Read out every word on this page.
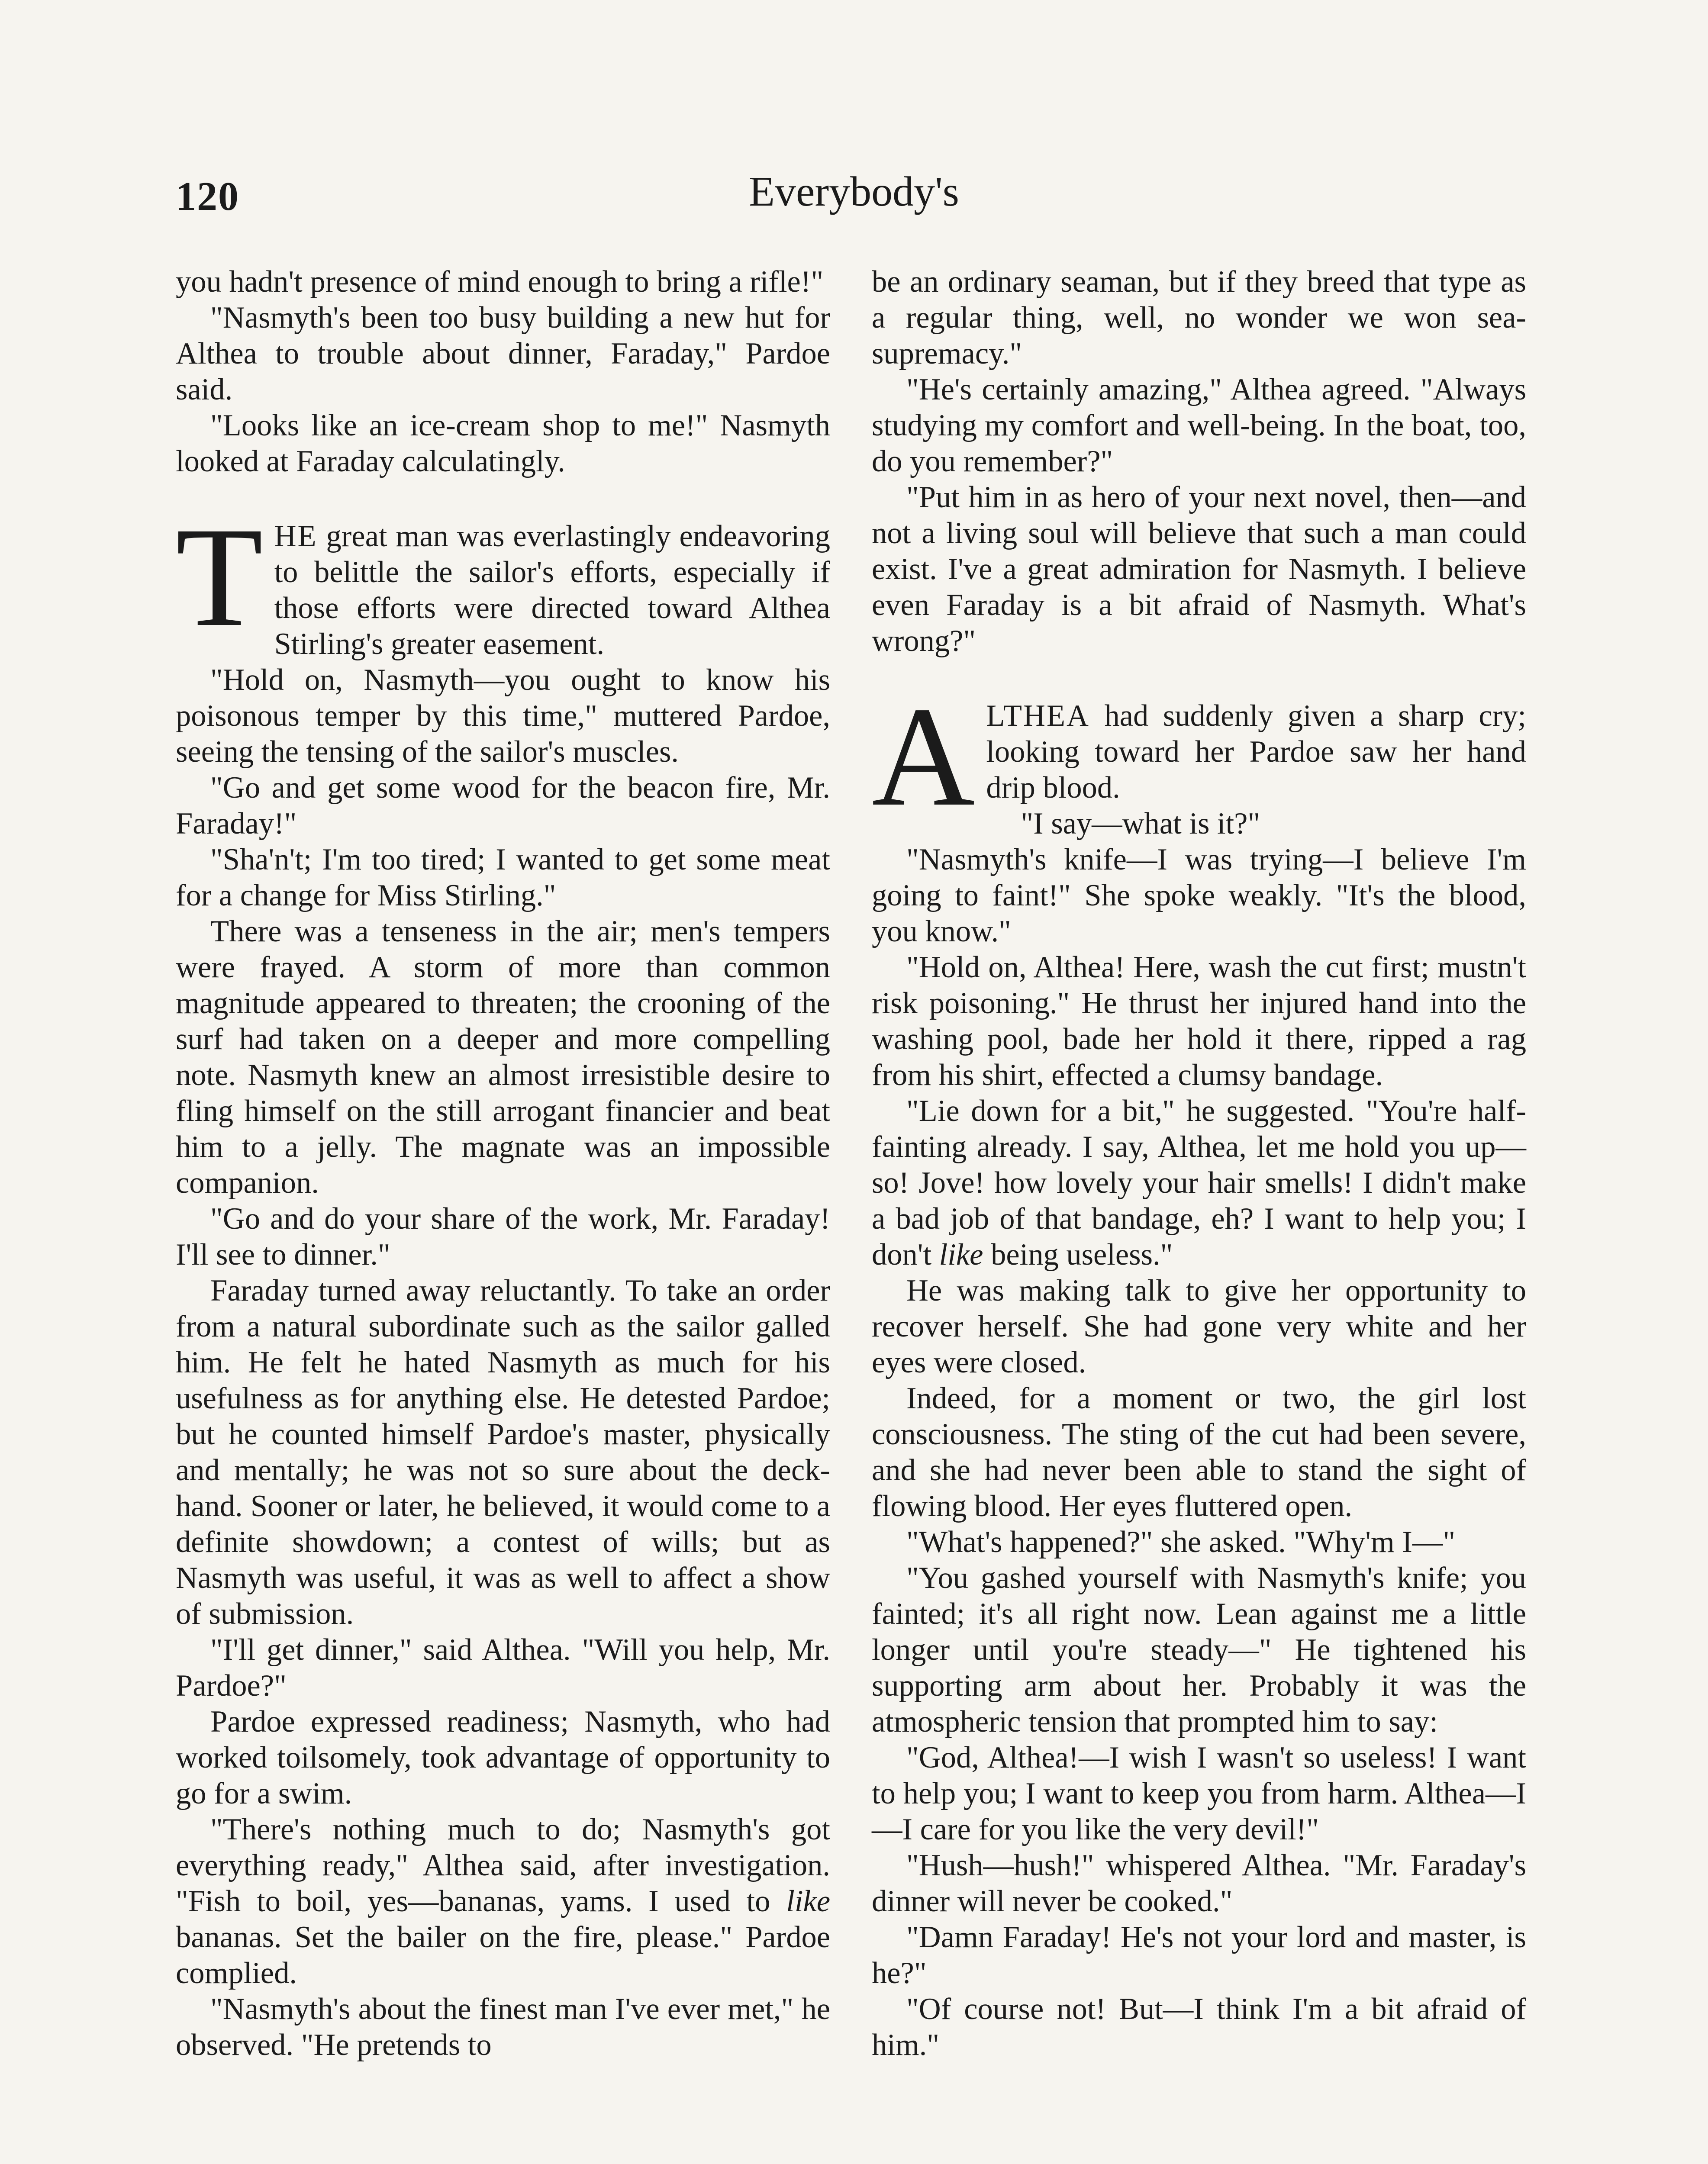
120	Everybody's

you hadn't presence of mind enough to bring a rifle!"

"Nasmyth's been too busy building a new hut for Althea to trouble about dinner, Faraday," Pardoe said.

"Looks like an ice-cream shop to me!" Nasmyth looked at Faraday calculatingly.

THE great man was everlastingly endeavoring to belittle the sailor's efforts, especially if those efforts were directed toward Althea Stirling's greater easement.

"Hold on, Nasmyth—you ought to know his poisonous temper by this time," muttered Pardoe, seeing the tensing of the sailor's muscles.

"Go and get some wood for the beacon fire, Mr. Faraday!"

"Sha'n't; I'm too tired; I wanted to get some meat for a change for Miss Stirling."

There was a tenseness in the air; men's tempers were frayed. A storm of more than common magnitude appeared to threaten; the crooning of the surf had taken on a deeper and more compelling note. Nasmyth knew an almost irresistible desire to fling himself on the still arrogant financier and beat him to a jelly. The magnate was an impossible companion.

"Go and do your share of the work, Mr. Faraday! I'll see to dinner."

Faraday turned away reluctantly. To take an order from a natural subordinate such as the sailor galled him. He felt he hated Nasmyth as much for his usefulness as for anything else. He detested Pardoe; but he counted himself Pardoe's master, physically and mentally; he was not so sure about the deck-hand. Sooner or later, he believed, it would come to a definite showdown; a contest of wills; but as Nasmyth was useful, it was as well to affect a show of submission.

"I'll get dinner," said Althea. "Will you help, Mr. Pardoe?"

Pardoe expressed readiness; Nasmyth, who had worked toilsomely, took advantage of opportunity to go for a swim.

"There's nothing much to do; Nasmyth's got everything ready," Althea said, after investigation. "Fish to boil, yes—bananas, yams. I used to like bananas. Set the bailer on the fire, please." Pardoe complied.

"Nasmyth's about the finest man I've ever met," he observed. "He pretends to

be an ordinary seaman, but if they breed that type as a regular thing, well, no wonder we won sea-supremacy."

"He's certainly amazing," Althea agreed. "Always studying my comfort and well-being. In the boat, too, do you remember?"

"Put him in as hero of your next novel, then—and not a living soul will believe that such a man could exist. I've a great admiration for Nasmyth. I believe even Faraday is a bit afraid of Nasmyth. What's wrong?"

ALTHEA had suddenly given a sharp cry; looking toward her Pardoe saw her hand drip blood.

"I say—what is it?"

"Nasmyth's knife—I was trying—I believe I'm going to faint!" She spoke weakly. "It's the blood, you know."

"Hold on, Althea! Here, wash the cut first; mustn't risk poisoning." He thrust her injured hand into the washing pool, bade her hold it there, ripped a rag from his shirt, effected a clumsy bandage.

"Lie down for a bit," he suggested. "You're half-fainting already. I say, Althea, let me hold you up—so! Jove! how lovely your hair smells! I didn't make a bad job of that bandage, eh? I want to help you; I don't like being useless."

He was making talk to give her opportunity to recover herself. She had gone very white and her eyes were closed.

Indeed, for a moment or two, the girl lost consciousness. The sting of the cut had been severe, and she had never been able to stand the sight of flowing blood. Her eyes fluttered open.

"What's happened?" she asked. "Why'm I—"

"You gashed yourself with Nasmyth's knife; you fainted; it's all right now. Lean against me a little longer until you're steady—" He tightened his supporting arm about her. Probably it was the atmospheric tension that prompted him to say:

"God, Althea!—I wish I wasn't so useless! I want to help you; I want to keep you from harm. Althea—I—I care for you like the very devil!"

"Hush—hush!" whispered Althea. "Mr. Faraday's dinner will never be cooked."

"Damn Faraday! He's not your lord and master, is he?"

"Of course not! But—I think I'm a bit afraid of him."
